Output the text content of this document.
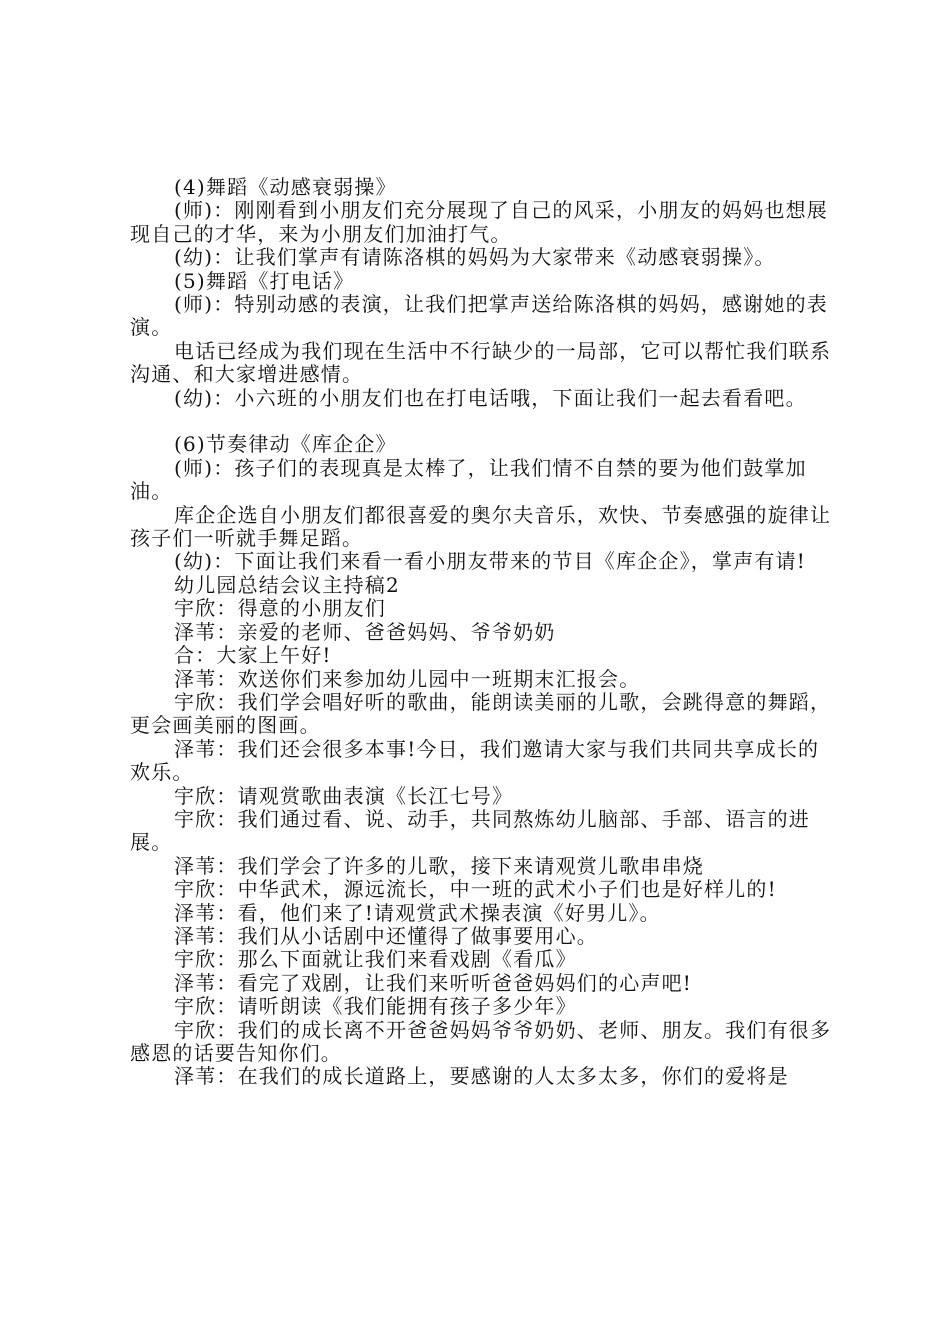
(4)舞蹈《动感衰弱操》

(师)：刚刚看到小朋友们充分展现了自己的风采，小朋友的妈妈也想展现自己的才华，来为小朋友们加油打气。

(幼)：让我们掌声有请陈洛棋的妈妈为大家带来《动感衰弱操》。

(5)舞蹈《打电话》

(师)：特别动感的表演，让我们把掌声送给陈洛棋的妈妈，感谢她的表演。

电话已经成为我们现在生活中不行缺少的一局部，它可以帮忙我们联系沟通、和大家增进感情。

(幼)：小六班的小朋友们也在打电话哦，下面让我们一起去看看吧。

(6)节奏律动《库企企》

(师)：孩子们的表现真是太棒了，让我们情不自禁的要为他们鼓掌加油。

库企企选自小朋友们都很喜爱的奥尔夫音乐，欢快、节奏感强的旋律让孩子们一听就手舞足蹈。

(幼)：下面让我们来看一看小朋友带来的节目《库企企》，掌声有请!

幼儿园总结会议主持稿2

宇欣：得意的小朋友们

泽苇：亲爱的老师、爸爸妈妈、爷爷奶奶

合：大家上午好!

泽苇：欢送你们来参加幼儿园中一班期末汇报会。

宇欣：我们学会唱好听的歌曲，能朗读美丽的儿歌，会跳得意的舞蹈，更会画美丽的图画。

泽苇：我们还会很多本事!今日，我们邀请大家与我们共同共享成长的欢乐。

宇欣：请观赏歌曲表演《长江七号》

宇欣：我们通过看、说、动手，共同熬炼幼儿脑部、手部、语言的进展。

泽苇：我们学会了许多的儿歌，接下来请观赏儿歌串串烧

宇欣：中华武术，源远流长，中一班的武术小子们也是好样儿的!

泽苇：看，他们来了!请观赏武术操表演《好男儿》。

泽苇：我们从小话剧中还懂得了做事要用心。

宇欣：那么下面就让我们来看戏剧《看瓜》

泽苇：看完了戏剧，让我们来听听爸爸妈妈们的心声吧!

宇欣：请听朗读《我们能拥有孩子多少年》

宇欣：我们的成长离不开爸爸妈妈爷爷奶奶、老师、朋友。我们有很多感恩的话要告知你们。

泽苇：在我们的成长道路上，要感谢的人太多太多，你们的爱将是
